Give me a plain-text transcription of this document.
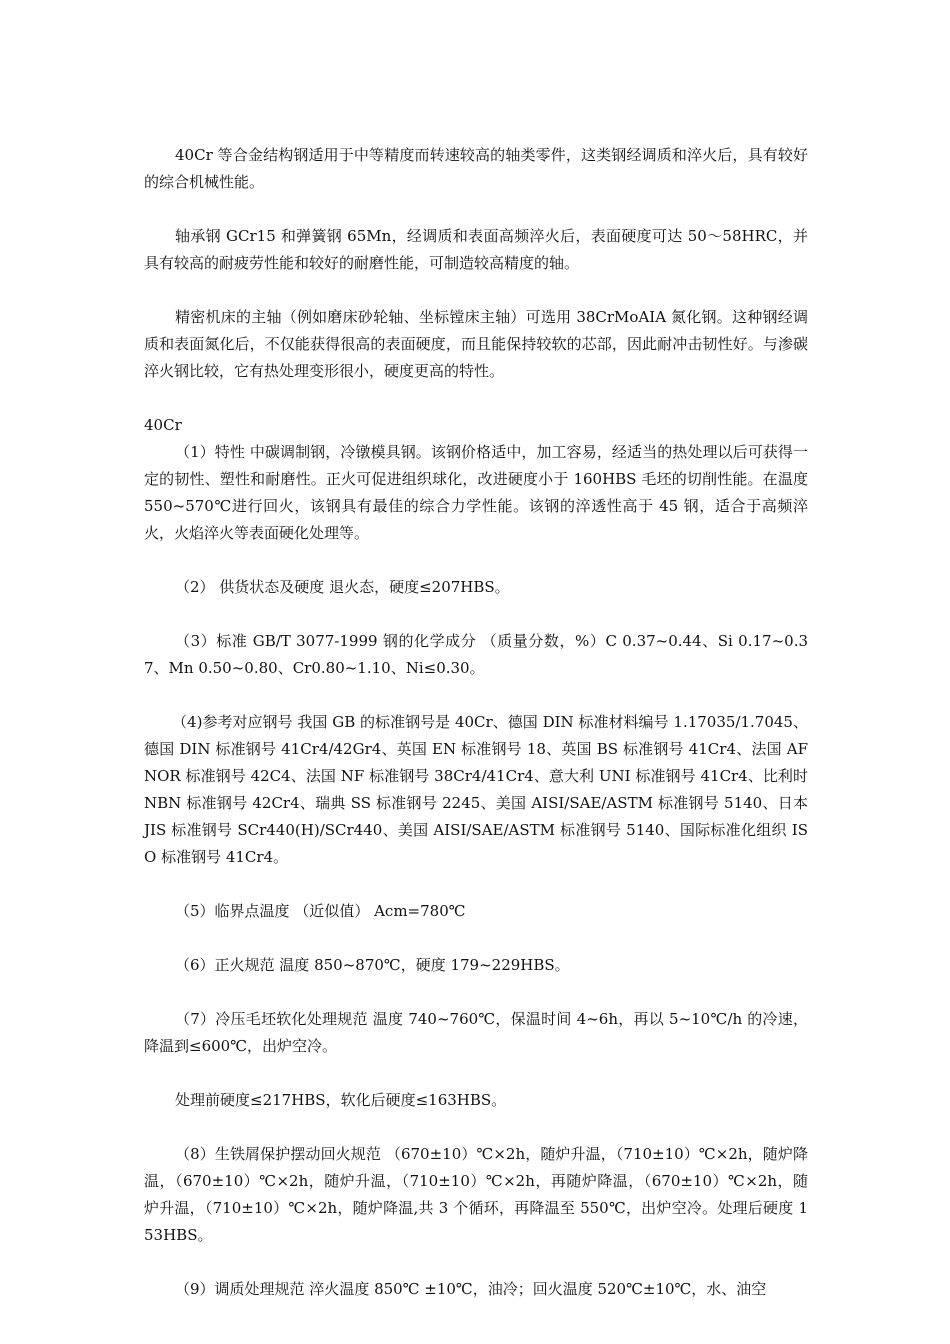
40Cr 等合金结构钢适用于中等精度而转速较高的轴类零件，这类钢经调质和淬火后，具有较好的综合机械性能。

轴承钢 GCr15 和弹簧钢 65Mn，经调质和表面高频淬火后，表面硬度可达 50～58HRC，并具有较高的耐疲劳性能和较好的耐磨性能，可制造较高精度的轴。

精密机床的主轴（例如磨床砂轮轴、坐标镗床主轴）可选用 38CrMoAIA 氮化钢。这种钢经调质和表面氮化后，不仅能获得很高的表面硬度，而且能保持较软的芯部，因此耐冲击韧性好。与渗碳淬火钢比较，它有热处理变形很小，硬度更高的特性。

40Cr

（1）特性 中碳调制钢，冷镦模具钢。该钢价格适中，加工容易，经适当的热处理以后可获得一定的韧性、塑性和耐磨性。正火可促进组织球化，改进硬度小于 160HBS 毛坯的切削性能。在温度 550~570℃进行回火，该钢具有最佳的综合力学性能。该钢的淬透性高于 45 钢，适合于高频淬火，火焰淬火等表面硬化处理等。

（2） 供货状态及硬度 退火态，硬度≤207HBS。

（3）标准 GB/T 3077-1999 钢的化学成分 （质量分数，%）C 0.37~0.44、Si 0.17~0.37、Mn 0.50~0.80、Cr0.80~1.10、Ni≤0.30。

（4)参考对应钢号 我国 GB 的标准钢号是 40Cr、德国 DIN 标准材料编号 1.17035/1.7045、德国 DIN 标准钢号 41Cr4/42Gr4、英国 EN 标准钢号 18、英国 BS 标准钢号 41Cr4、法国 AFNOR 标准钢号 42C4、法国 NF 标准钢号 38Cr4/41Cr4、意大利 UNI 标准钢号 41Cr4、比利时 NBN 标准钢号 42Cr4、瑞典 SS 标准钢号 2245、美国 AISI/SAE/ASTM 标准钢号 5140、日本 JIS 标准钢号 SCr440(H)/SCr440、美国 AISI/SAE/ASTM 标准钢号 5140、国际标准化组织 ISO 标准钢号 41Cr4。

（5）临界点温度 （近似值） Acm=780℃

（6）正火规范 温度 850~870℃，硬度 179~229HBS。

（7）冷压毛坯软化处理规范 温度 740~760℃，保温时间 4~6h，再以 5~10℃/h 的冷速，降温到≤600℃，出炉空冷。

处理前硬度≤217HBS，软化后硬度≤163HBS。

（8）生铁屑保护摆动回火规范 （670±10）℃×2h，随炉升温，（710±10）℃×2h，随炉降温，（670±10）℃×2h，随炉升温，（710±10）℃×2h，再随炉降温，（670±10）℃×2h，随炉升温，（710±10）℃×2h，随炉降温,共 3 个循环，再降温至 550℃，出炉空冷。处理后硬度 153HBS。

（9）调质处理规范 淬火温度 850℃ ±10℃，油冷；回火温度 520℃±10℃，水、油空
